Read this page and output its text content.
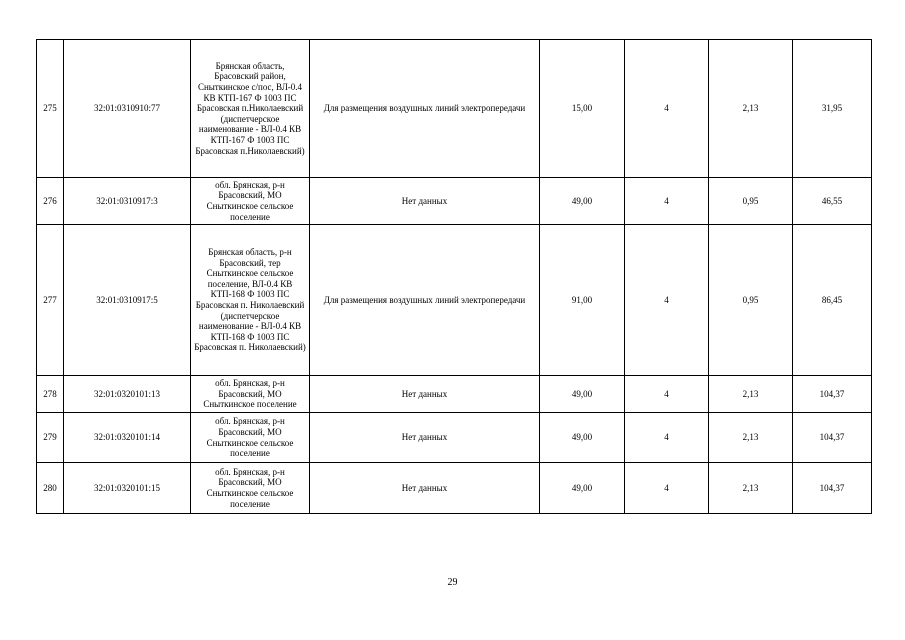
275	32:01:0310910:77	Брянская область, Брасовский район, Сныткинское с/пос, ВЛ-0.4 КВ КТП-167 Ф 1003 ПС Брасовская п.Николаевский (диспетчерское наименование - ВЛ-0.4 КВ КТП-167 Ф 1003 ПС Брасовская п.Николаевский)	Для размещения воздушных линий электропередачи	15,00	4	2,13	31,95
276	32:01:0310917:3	обл. Брянская, р-н Брасовский, МО Сныткинское сельское поселение	Нет данных	49,00	4	0,95	46,55
277	32:01:0310917:5	Брянская область, р-н Брасовский, тер Сныткинское сельское поселение, ВЛ-0.4 КВ КТП-168 Ф 1003 ПС Брасовская п. Николаевский (диспетчерское наименование - ВЛ-0.4 КВ КТП-168 Ф 1003 ПС Брасовская п. Николаевский)	Для размещения воздушных линий электропередачи	91,00	4	0,95	86,45
278	32:01:0320101:13	обл. Брянская, р-н Брасовский, МО Сныткинское поселение	Нет данных	49,00	4	2,13	104,37
279	32:01:0320101:14	обл. Брянская, р-н Брасовский, МО Сныткинское сельское поселение	Нет данных	49,00	4	2,13	104,37
280	32:01:0320101:15	обл. Брянская, р-н Брасовский, МО Сныткинское сельское поселение	Нет данных	49,00	4	2,13	104,37
29
